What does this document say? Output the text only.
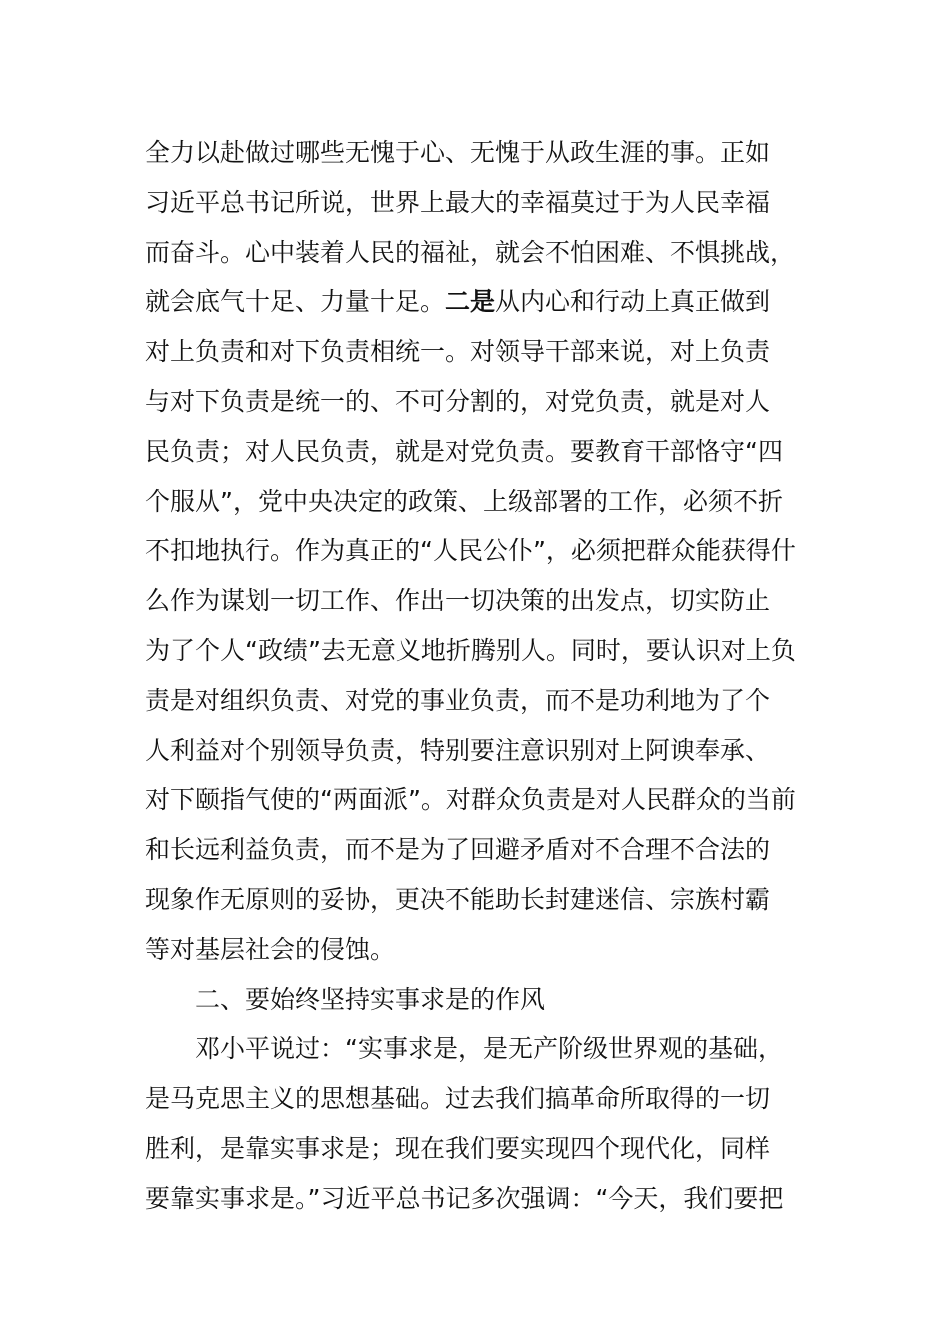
全力以赴做过哪些无愧于心、无愧于从政生涯的事。正如
习近平总书记所说，世界上最大的幸福莫过于为人民幸福
而奋斗。心中装着人民的福祉，就会不怕困难、不惧挑战，
就会底气十足、力量十足。二是从内心和行动上真正做到
对上负责和对下负责相统一。对领导干部来说，对上负责
与对下负责是统一的、不可分割的，对党负责，就是对人
民负责；对人民负责，就是对党负责。要教育干部恪守“四
个服从”，党中央决定的政策、上级部署的工作，必须不折
不扣地执行。作为真正的“人民公仆”，必须把群众能获得什
么作为谋划一切工作、作出一切决策的出发点，切实防止
为了个人“政绩”去无意义地折腾别人。同时，要认识对上负
责是对组织负责、对党的事业负责，而不是功利地为了个
人利益对个别领导负责，特别要注意识别对上阿谀奉承、
对下颐指气使的“两面派”。对群众负责是对人民群众的当前
和长远利益负责，而不是为了回避矛盾对不合理不合法的
现象作无原则的妥协，更决不能助长封建迷信、宗族村霸
等对基层社会的侵蚀。
二、要始终坚持实事求是的作风
邓小平说过：“实事求是，是无产阶级世界观的基础，
是马克思主义的思想基础。过去我们搞革命所取得的一切
胜利，是靠实事求是；现在我们要实现四个现代化，同样
要靠实事求是。”习近平总书记多次强调：“今天，我们要把
